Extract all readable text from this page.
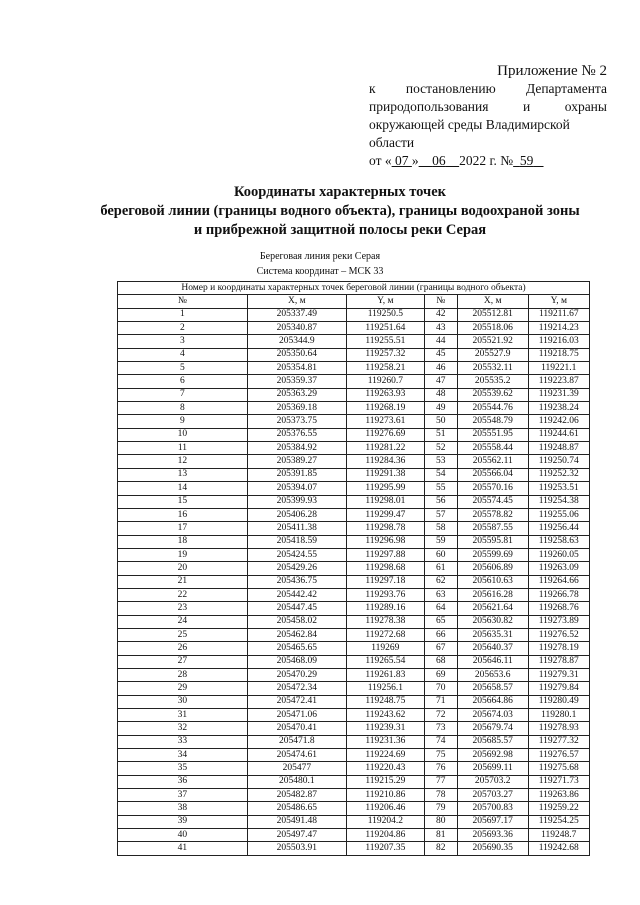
Приложение № 2
к постановлению Департамента
природопользования	и	охраны
окружающей среды Владимирской
области
от « 07 » 06 2022 г. № 59
Координаты характерных точек
береговой линии (границы водного объекта), границы водоохраной зоны
и прибрежной защитной полосы реки Серая
Береговая линия реки Серая
Система координат – МСК 33
Номер и координаты характерных точек береговой линии (границы водного объекта)					
№	X, м	Y, м	№	X, м	Y, м
1	205337.49	119250.5	42	205512.81	119211.67
2	205340.87	119251.64	43	205518.06	119214.23
3	205344.9	119255.51	44	205521.92	119216.03
4	205350.64	119257.32	45	205527.9	119218.75
5	205354.81	119258.21	46	205532.11	119221.1
6	205359.37	119260.7	47	205535.2	119223.87
7	205363.29	119263.93	48	205539.62	119231.39
8	205369.18	119268.19	49	205544.76	119238.24
9	205373.75	119273.61	50	205548.79	119242.06
10	205376.55	119276.69	51	205551.95	119244.61
11	205384.92	119281.22	52	205558.44	119248.87
12	205389.27	119284.36	53	205562.11	119250.74
13	205391.85	119291.38	54	205566.04	119252.32
14	205394.07	119295.99	55	205570.16	119253.51
15	205399.93	119298.01	56	205574.45	119254.38
16	205406.28	119299.47	57	205578.82	119255.06
17	205411.38	119298.78	58	205587.55	119256.44
18	205418.59	119296.98	59	205595.81	119258.63
19	205424.55	119297.88	60	205599.69	119260.05
20	205429.26	119298.68	61	205606.89	119263.09
21	205436.75	119297.18	62	205610.63	119264.66
22	205442.42	119293.76	63	205616.28	119266.78
23	205447.45	119289.16	64	205621.64	119268.76
24	205458.02	119278.38	65	205630.82	119273.89
25	205462.84	119272.68	66	205635.31	119276.52
26	205465.65	119269	67	205640.37	119278.19
27	205468.09	119265.54	68	205646.11	119278.87
28	205470.29	119261.83	69	205653.6	119279.31
29	205472.34	119256.1	70	205658.57	119279.84
30	205472.41	119248.75	71	205664.86	119280.49
31	205471.06	119243.62	72	205674.03	119280.1
32	205470.41	119239.31	73	205679.74	119278.93
33	205471.8	119231.36	74	205685.57	119277.32
34	205474.61	119224.69	75	205692.98	119276.57
35	205477	119220.43	76	205699.11	119275.68
36	205480.1	119215.29	77	205703.2	119271.73
37	205482.87	119210.86	78	205703.27	119263.86
38	205486.65	119206.46	79	205700.83	119259.22
39	205491.48	119204.2	80	205697.17	119254.25
40	205497.47	119204.86	81	205693.36	119248.7
41	205503.91	119207.35	82	205690.35	119242.68
